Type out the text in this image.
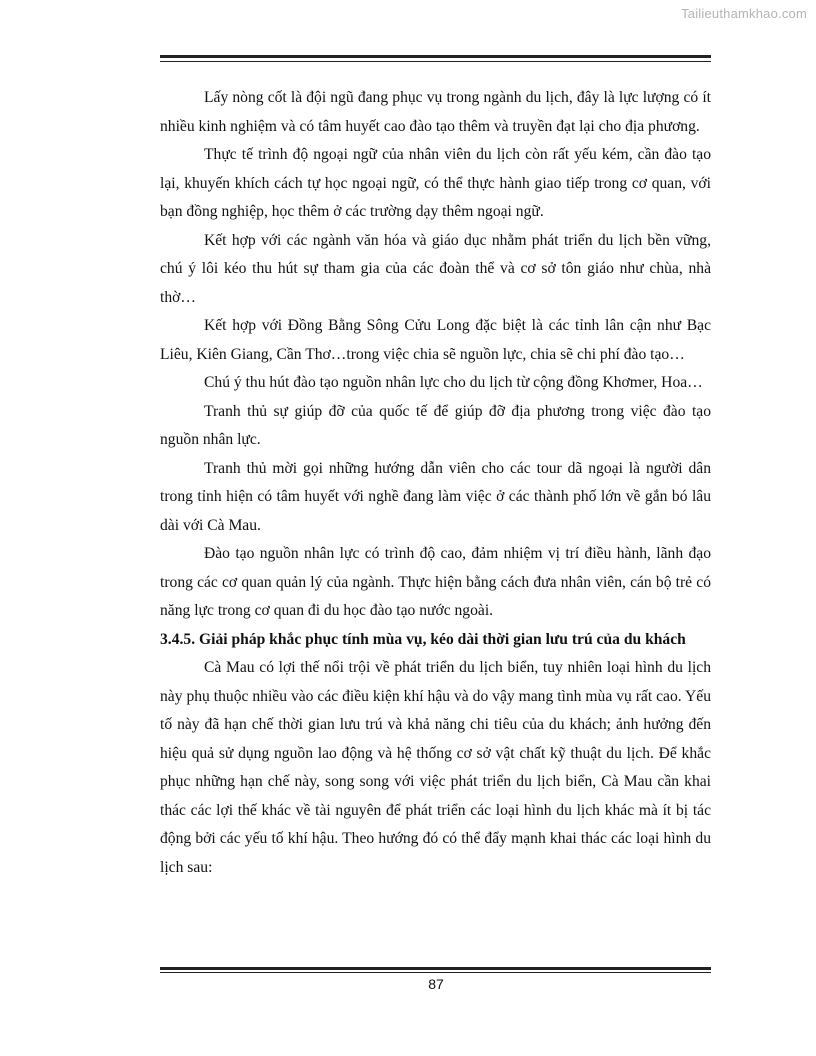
Tailieuthamkhao.com

Lấy nòng cốt là đội ngũ đang phục vụ trong ngành du lịch, đây là lực lượng có ít nhiều kinh nghiệm và có tâm huyết cao đào tạo thêm và truyền đạt lại cho địa phương.

Thực tế trình độ ngoại ngữ của nhân viên du lịch còn rất yếu kém, cần đào tạo lại, khuyến khích cách tự học ngoại ngữ, có thể thực hành giao tiếp trong cơ quan, với bạn đồng nghiệp, học thêm ở các trường dạy thêm ngoại ngữ.

Kết hợp với các ngành văn hóa và giáo dục nhằm phát triển du lịch bền vững, chú ý lôi kéo thu hút sự tham gia của các đoàn thể và cơ sở tôn giáo như chùa, nhà thờ…

Kết hợp với Đồng Bằng Sông Cửu Long đặc biệt là các tỉnh lân cận như Bạc Liêu, Kiên Giang, Cần Thơ…trong việc chia sẽ nguồn lực, chia sẽ chi phí đào tạo…

Chú ý thu hút đào tạo nguồn nhân lực cho du lịch từ cộng đồng Khơmer, Hoa…

Tranh thủ sự giúp đỡ của quốc tế để giúp đỡ địa phương trong việc đào tạo nguồn nhân lực.

Tranh thủ mời gọi những hướng dẫn viên cho các tour dã ngoại là người dân trong tỉnh hiện có tâm huyết với nghề đang làm việc ở các thành phố lớn về gắn bó lâu dài với Cà Mau.

Đào tạo nguồn nhân lực có trình độ cao, đảm nhiệm vị trí điều hành, lãnh đạo trong các cơ quan quản lý của ngành. Thực hiện bằng cách đưa nhân viên, cán bộ trẻ có năng lực trong cơ quan đi du học đào tạo nước ngoài.

3.4.5. Giải pháp khắc phục tính mùa vụ, kéo dài thời gian lưu trú của du khách

Cà Mau có lợi thế nổi trội về phát triển du lịch biển, tuy nhiên loại hình du lịch này phụ thuộc nhiều vào các điều kiện khí hậu và do vậy mang tình mùa vụ rất cao. Yếu tố này đã hạn chế thời gian lưu trú và khả năng chi tiêu của du khách; ảnh hưởng đến hiệu quả sử dụng nguồn lao động và hệ thống cơ sở vật chất kỹ thuật du lịch. Để khắc phục những hạn chế này, song song với việc phát triển du lịch biển, Cà Mau cần khai thác các lợi thế khác về tài nguyên để phát triển các loại hình du lịch khác mà ít bị tác động bởi các yếu tố khí hậu. Theo hướng đó có thể đẩy mạnh khai thác các loại hình du lịch sau:

87
